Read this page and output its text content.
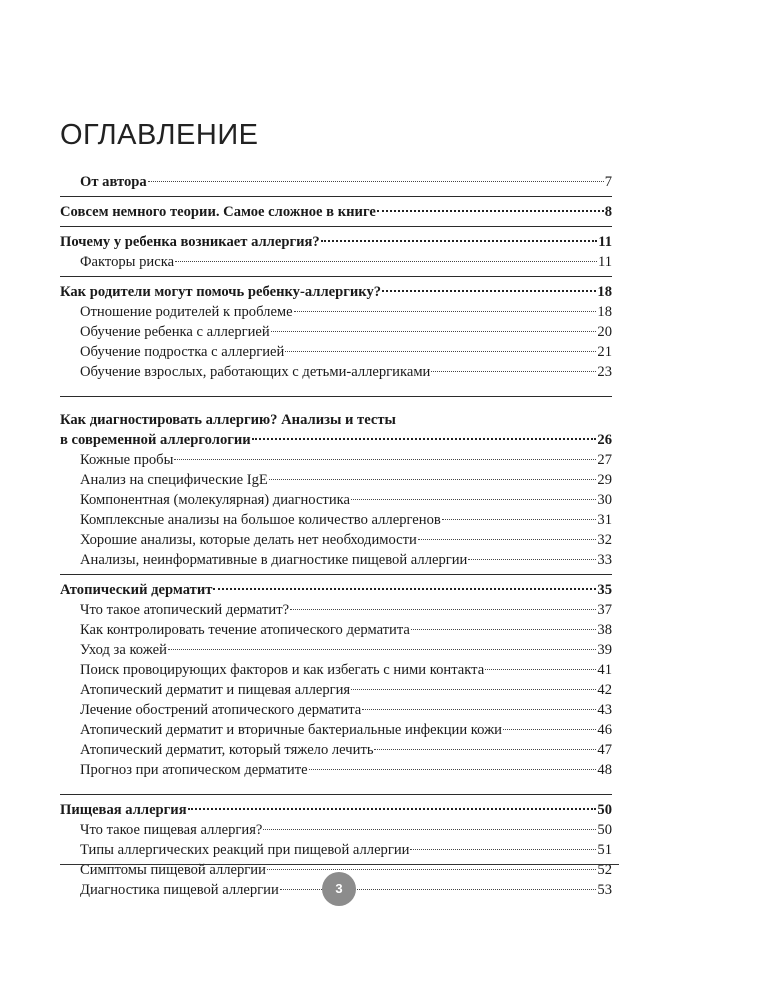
ОГЛАВЛЕНИЕ
От автора	7
Совсем немного теории. Самое сложное в книге	8
Почему у ребенка возникает аллергия?	11
Факторы риска	11
Как родители могут помочь ребенку-аллергику?	18
Отношение родителей к проблеме	18
Обучение ребенка с аллергией	20
Обучение подростка с аллергией	21
Обучение взрослых, работающих с детьми-аллергиками	23
Как диагностировать аллергию? Анализы и тесты
в современной аллергологии	26
Кожные пробы	27
Анализ на специфические IgE	29
Компонентная (молекулярная) диагностика	30
Комплексные анализы на большое количество аллергенов	31
Хорошие анализы, которые делать нет необходимости	32
Анализы, неинформативные в диагностике пищевой аллергии	33
Атопический дерматит	35
Что такое атопический дерматит?	37
Как контролировать течение атопического дерматита	38
Уход за кожей	39
Поиск провоцирующих факторов и как избегать с ними контакта	41
Атопический дерматит и пищевая аллергия	42
Лечение обострений атопического дерматита	43
Атопический дерматит и вторичные бактериальные инфекции кожи	46
Атопический дерматит, который тяжело лечить	47
Прогноз при атопическом дерматите	48
Пищевая аллергия	50
Что такое пищевая аллергия?	50
Типы аллергических реакций при пищевой аллергии	51
Симптомы пищевой аллергии	52
Диагностика пищевой аллергии	53
3
